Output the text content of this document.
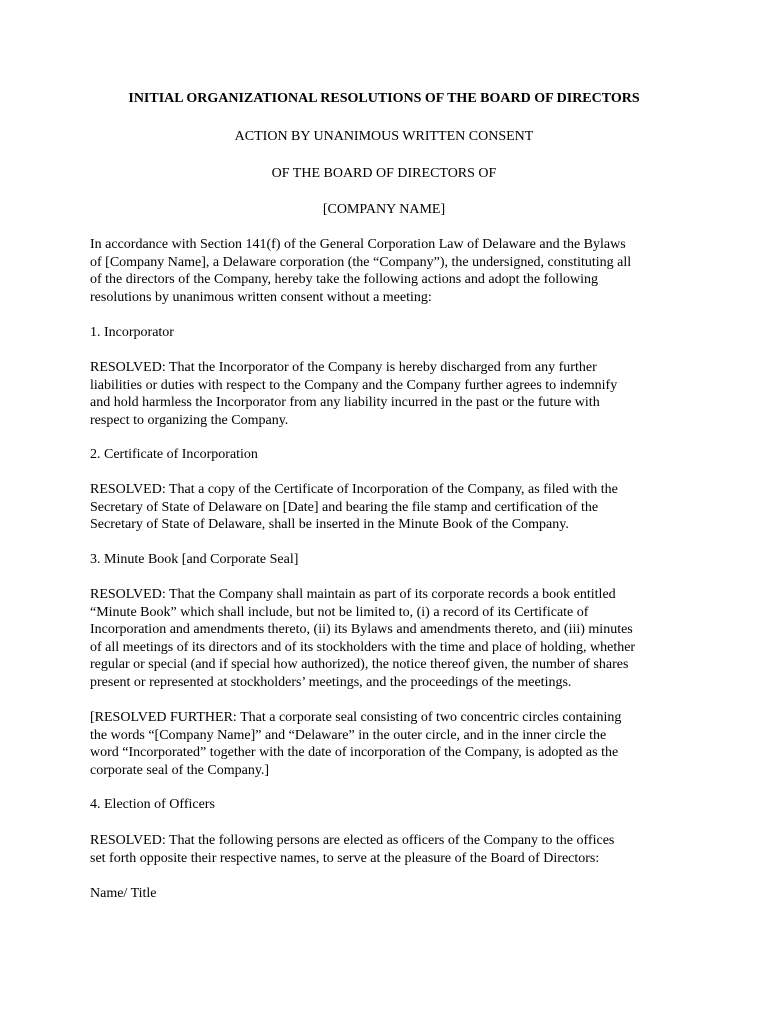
INITIAL ORGANIZATIONAL RESOLUTIONS OF THE BOARD OF DIRECTORS
ACTION BY UNANIMOUS WRITTEN CONSENT
OF THE BOARD OF DIRECTORS OF
[COMPANY NAME]
In accordance with Section 141(f) of the General Corporation Law of Delaware and the Bylaws
of [Company Name], a Delaware corporation (the “Company”), the undersigned, constituting all
of the directors of the Company, hereby take the following actions and adopt the following
resolutions by unanimous written consent without a meeting:
1. Incorporator
RESOLVED: That the Incorporator of the Company is hereby discharged from any further
liabilities or duties with respect to the Company and the Company further agrees to indemnify
and hold harmless the Incorporator from any liability incurred in the past or the future with
respect to organizing the Company.
2. Certificate of Incorporation
RESOLVED: That a copy of the Certificate of Incorporation of the Company, as filed with the
Secretary of State of Delaware on [Date] and bearing the file stamp and certification of the
Secretary of State of Delaware, shall be inserted in the Minute Book of the Company.
3. Minute Book [and Corporate Seal]
RESOLVED: That the Company shall maintain as part of its corporate records a book entitled
“Minute Book” which shall include, but not be limited to, (i) a record of its Certificate of
Incorporation and amendments thereto, (ii) its Bylaws and amendments thereto, and (iii) minutes
of all meetings of its directors and of its stockholders with the time and place of holding, whether
regular or special (and if special how authorized), the notice thereof given, the number of shares
present or represented at stockholders’ meetings, and the proceedings of the meetings.
[RESOLVED FURTHER: That a corporate seal consisting of two concentric circles containing
the words “[Company Name]” and “Delaware” in the outer circle, and in the inner circle the
word “Incorporated” together with the date of incorporation of the Company, is adopted as the
corporate seal of the Company.]
4. Election of Officers
RESOLVED: That the following persons are elected as officers of the Company to the offices
set forth opposite their respective names, to serve at the pleasure of the Board of Directors:
Name/ Title
